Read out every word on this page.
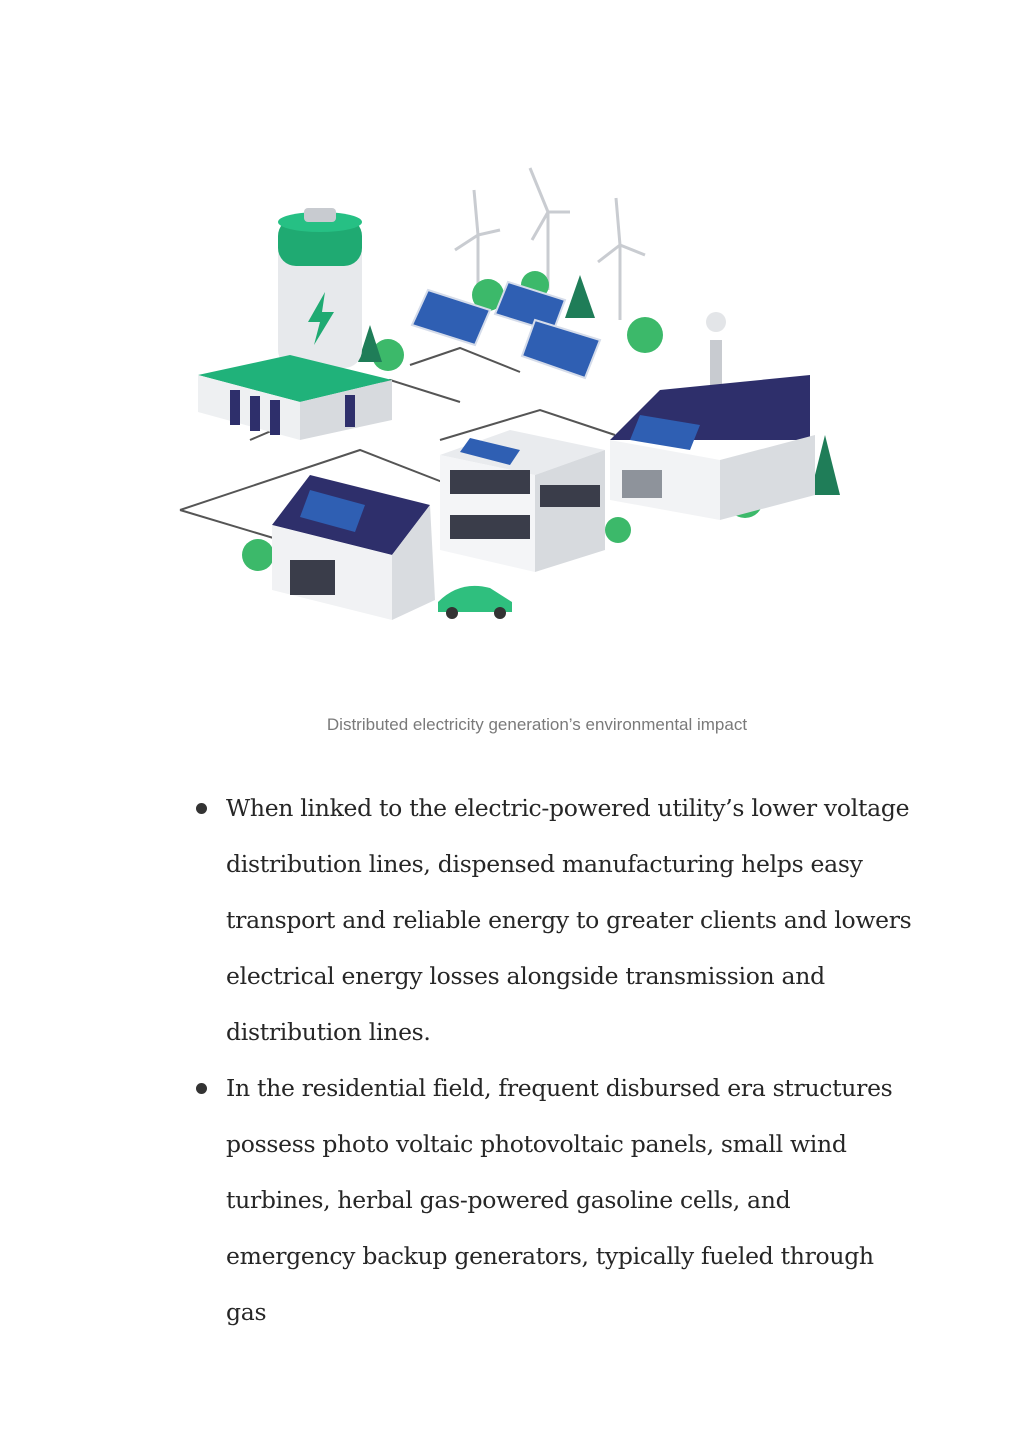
Distributed electricity generation’s environmental impact
When linked to the electric-powered utility’s lower voltage distribution lines, dispensed manufacturing helps easy transport and reliable energy to greater clients and lowers electrical energy losses alongside transmission and distribution lines.
In the residential field, frequent disbursed era structures possess photo voltaic photovoltaic panels, small wind turbines, herbal gas-powered gasoline cells, and emergency backup generators, typically fueled through gas
